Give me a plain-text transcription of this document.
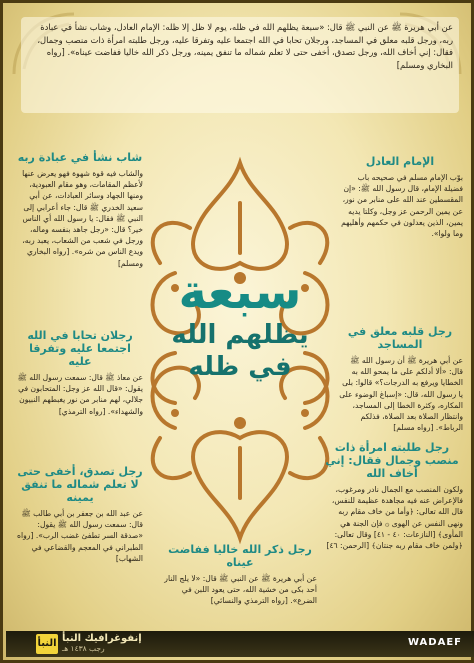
عن أبي هريرة ﷺ عن النبي ﷺ قال: «سبعة يظلهم الله في ظله، يوم لا ظل إلا ظله: الإمام العادل، وشاب نشأ في عبادة ربه، ورجل قلبه معلق في المساجد، ورجلان تحابا في الله اجتمعا عليه وتفرقا عليه، ورجل طلبته امرأة ذات منصب وجمال، فقال: إني أخاف الله، ورجل تصدق، أخفى حتى لا تعلم شماله ما تنفق يمينه، ورجل ذكر الله خاليا ففاضت عيناه». [رواه البخاري ومسلم]
سبعة
يظلهم الله
في ظله
الإمام العادل
بوّب الإمام مسلم في صحيحه باب فضيلة الإمام، قال رسول الله ﷺ: «إن المقسطين عند الله على منابر من نور، عن يمين الرحمن عز وجل، وكلتا يديه يمين، الذين يعدلون في حكمهم وأهليهم وما ولوا».
رجل قلبه معلق في المساجد
عن أبي هريرة ﷺ أن رسول الله ﷺ قال: «ألا أدلكم على ما يمحو الله به الخطايا ويرفع به الدرجات؟» قالوا: بلى يا رسول الله، قال: «إسباغ الوضوء على المكاره، وكثرة الخطا إلى المساجد، وانتظار الصلاة بعد الصلاة، فذلكم الرباط». [رواه مسلم]
رجل طلبته امرأة ذات منصب وجمال فقال: إني أخاف الله
ولكون المنصب مع الجمال نادر ومرغوب، فالإعراض عنه فيه مجاهدة عظيمة للنفس، قال الله تعالى: ﴿وأما من خاف مقام ربه ونهى النفس عن الهوى ۞ فإن الجنة هي المأوى﴾ [النازعات: ٤٠ - ٤١] وقال تعالى: ﴿ولمن خاف مقام ربه جنتان﴾ [الرحمن: ٤٦]
شاب نشأ في عبادة ربه
والشاب فيه قوة شهوة فهو يعرض عنها لأعظم المقامات، وهو مقام العبودية، ومنها الجهاد وسائر العبادات، عن أبي سعيد الخدري ﷺ قال: جاء أعرابي إلى النبي ﷺ فقال: يا رسول الله أي الناس خير؟ قال: «رجل جاهد بنفسه وماله، ورجل في شعب من الشعاب، يعبد ربه، ويدع الناس من شره». [رواه البخاري ومسلم]
رجلان تحابا في الله اجتمعا عليه وتفرقا عليه
عن معاذ ﷺ قال: سمعت رسول الله ﷺ يقول: «قال الله عز وجل: المتحابون في جلالي، لهم منابر من نور يغبطهم النبيون والشهداء». [رواه الترمذي]
رجل تصدق، أخفى حتى لا تعلم شماله ما تنفق يمينه
عن عبد الله بن جعفر بن أبي طالب ﷺ قال: سمعت رسول الله ﷺ يقول: «صدقة السر تطفئ غضب الرب». [رواه الطبراني في المعجم والقضاعي في الشهاب]
رجل ذكر الله خاليا ففاضت عيناه
عن أبي هريرة ﷺ عن النبي ﷺ قال: «لا يلج النار أحد بكى من خشية الله، حتى يعود اللبن في الضرع». [رواه الترمذي والنسائي]
النبأ إنفوغرافيك النبأ
رجب ١٤٣٨ هـ
WADAEF
